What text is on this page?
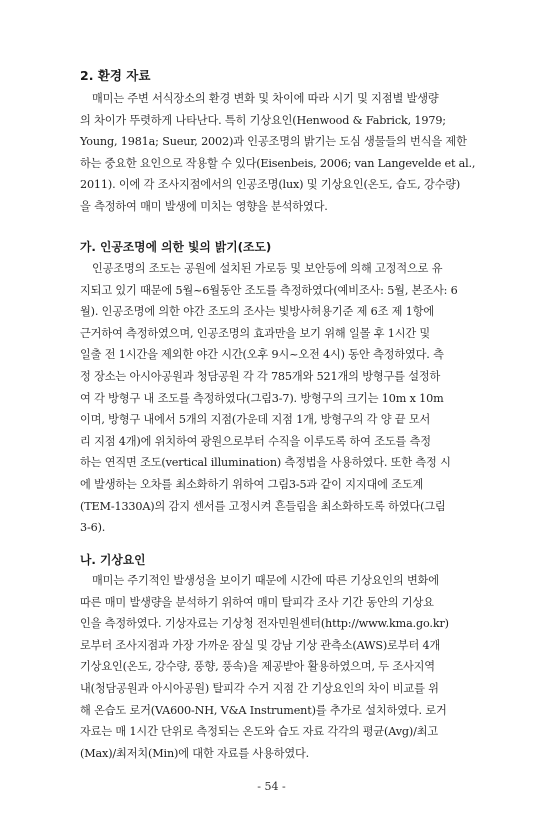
2. 환경 자료
매미는 주변 서식장소의 환경 변화 및 차이에 따라 시기 및 지점별 발생량
의 차이가 뚜렷하게 나타난다. 특히 기상요인(Henwood & Fabrick, 1979;
Young, 1981a; Sueur, 2002)과 인공조명의 밝기는 도심 생물들의 번식을 제한
하는 중요한 요인으로 작용할 수 있다(Eisenbeis, 2006; van Langevelde et al.,
2011). 이에 각 조사지점에서의 인공조명(lux) 및 기상요인(온도, 습도, 강수량)
을 측정하여 매미 발생에 미치는 영향을 분석하였다.
가. 인공조명에 의한 빛의 밝기(조도)
인공조명의 조도는 공원에 설치된 가로등 및 보안등에 의해 고정적으로 유
지되고 있기 때문에 5월~6월동안 조도를 측정하였다(예비조사: 5월, 본조사: 6
월). 인공조명에 의한 야간 조도의 조사는 빛방사허용기준 제 6조 제 1항에
근거하여 측정하였으며, 인공조명의 효과만을 보기 위해 일몰 후 1시간 및
일출 전 1시간을 제외한 야간 시간(오후 9시~오전 4시) 동안 측정하였다. 측
정 장소는 아시아공원과 청담공원 각 각 785개와 521개의 방형구를 설정하
여 각 방형구 내 조도를 측정하였다(그림3-7). 방형구의 크기는 10m x 10m
이며, 방형구 내에서 5개의 지점(가운데 지점 1개, 방형구의 각 양 끝 모서
리 지점 4개)에 위치하여 광원으로부터 수직을 이루도록 하여 조도를 측정
하는 연직면 조도(vertical illumination) 측정법을 사용하였다. 또한 측정 시
에 발생하는 오차를 최소화하기 위하여 그림3-5과 같이 지지대에 조도계
(TEM-1330A)의 감지 센서를 고정시켜 흔들림을 최소화하도록 하였다(그림
3-6).
나. 기상요인
매미는 주기적인 발생성을 보이기 때문에 시간에 따른 기상요인의 변화에
따른 매미 발생량을 분석하기 위하여 매미 탈피각 조사 기간 동안의 기상요
인을 측정하였다. 기상자료는 기상청 전자민원센터(http://www.kma.go.kr)
로부터 조사지점과 가장 가까운 잠실 및 강남 기상 관측소(AWS)로부터 4개
기상요인(온도, 강수량, 풍향, 풍속)을 제공받아 활용하였으며, 두 조사지역
내(청담공원과 아시아공원) 탈피각 수거 지점 간 기상요인의 차이 비교를 위
해 온습도 로거(VA600-NH, V&A Instrument)를 추가로 설치하였다. 로거
자료는 매 1시간 단위로 측정되는 온도와 습도 자료 각각의 평균(Avg)/최고
(Max)/최저치(Min)에 대한 자료를 사용하였다.
- 54 -
